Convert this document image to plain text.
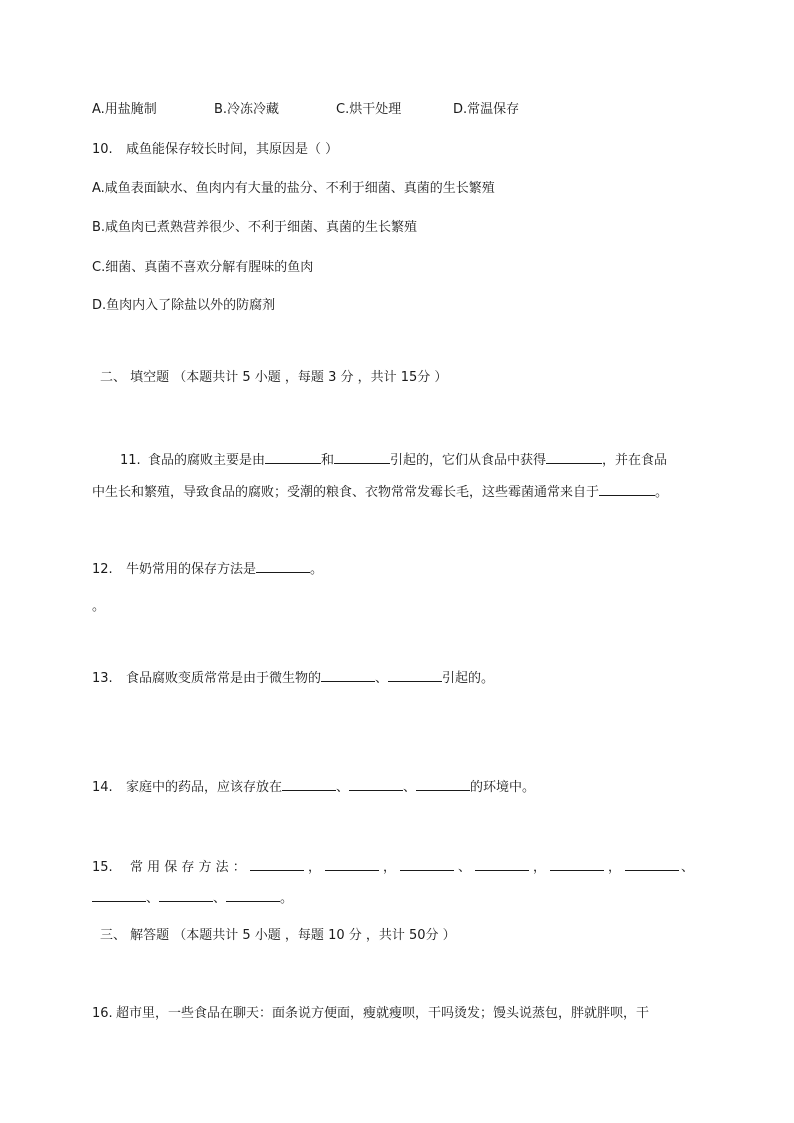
A.用盐腌制	B.冷冻冷藏	C.烘干处理	D.常温保存
10. 咸鱼能保存较长时间，其原因是（ ）
A.咸鱼表面缺水、鱼肉内有大量的盐分、不利于细菌、真菌的生长繁殖
B.咸鱼肉已煮熟营养很少、不利于细菌、真菌的生长繁殖
C.细菌、真菌不喜欢分解有腥味的鱼肉
D.鱼肉内入了除盐以外的防腐剂
二、 填空题 （本题共计 5 小题 ，每题 3 分 ，共计 15分 ）
11. 食品的腐败主要是由	和	引起的，它们从食品中获得	，并在食品
中生长和繁殖，导致食品的腐败；受潮的粮食、衣物常常发霉长毛，这些霉菌通常来自于	。
12. 牛奶常用的保存方法是	。
。
13. 食品腐败变质常常是由于微生物的	、	引起的。
14. 家庭中的药品，应该存放在	、	、	的环境中。
15. 常 用 保 存 方 法 ：	，	，	、	，	，	、
、	、	。
三、 解答题 （本题共计 5 小题 ，每题 10 分 ，共计 50分 ）
16. 超市里，一些食品在聊天：面条说方便面，瘦就瘦呗，干吗烫发；馒头说蒸包，胖就胖呗，干
